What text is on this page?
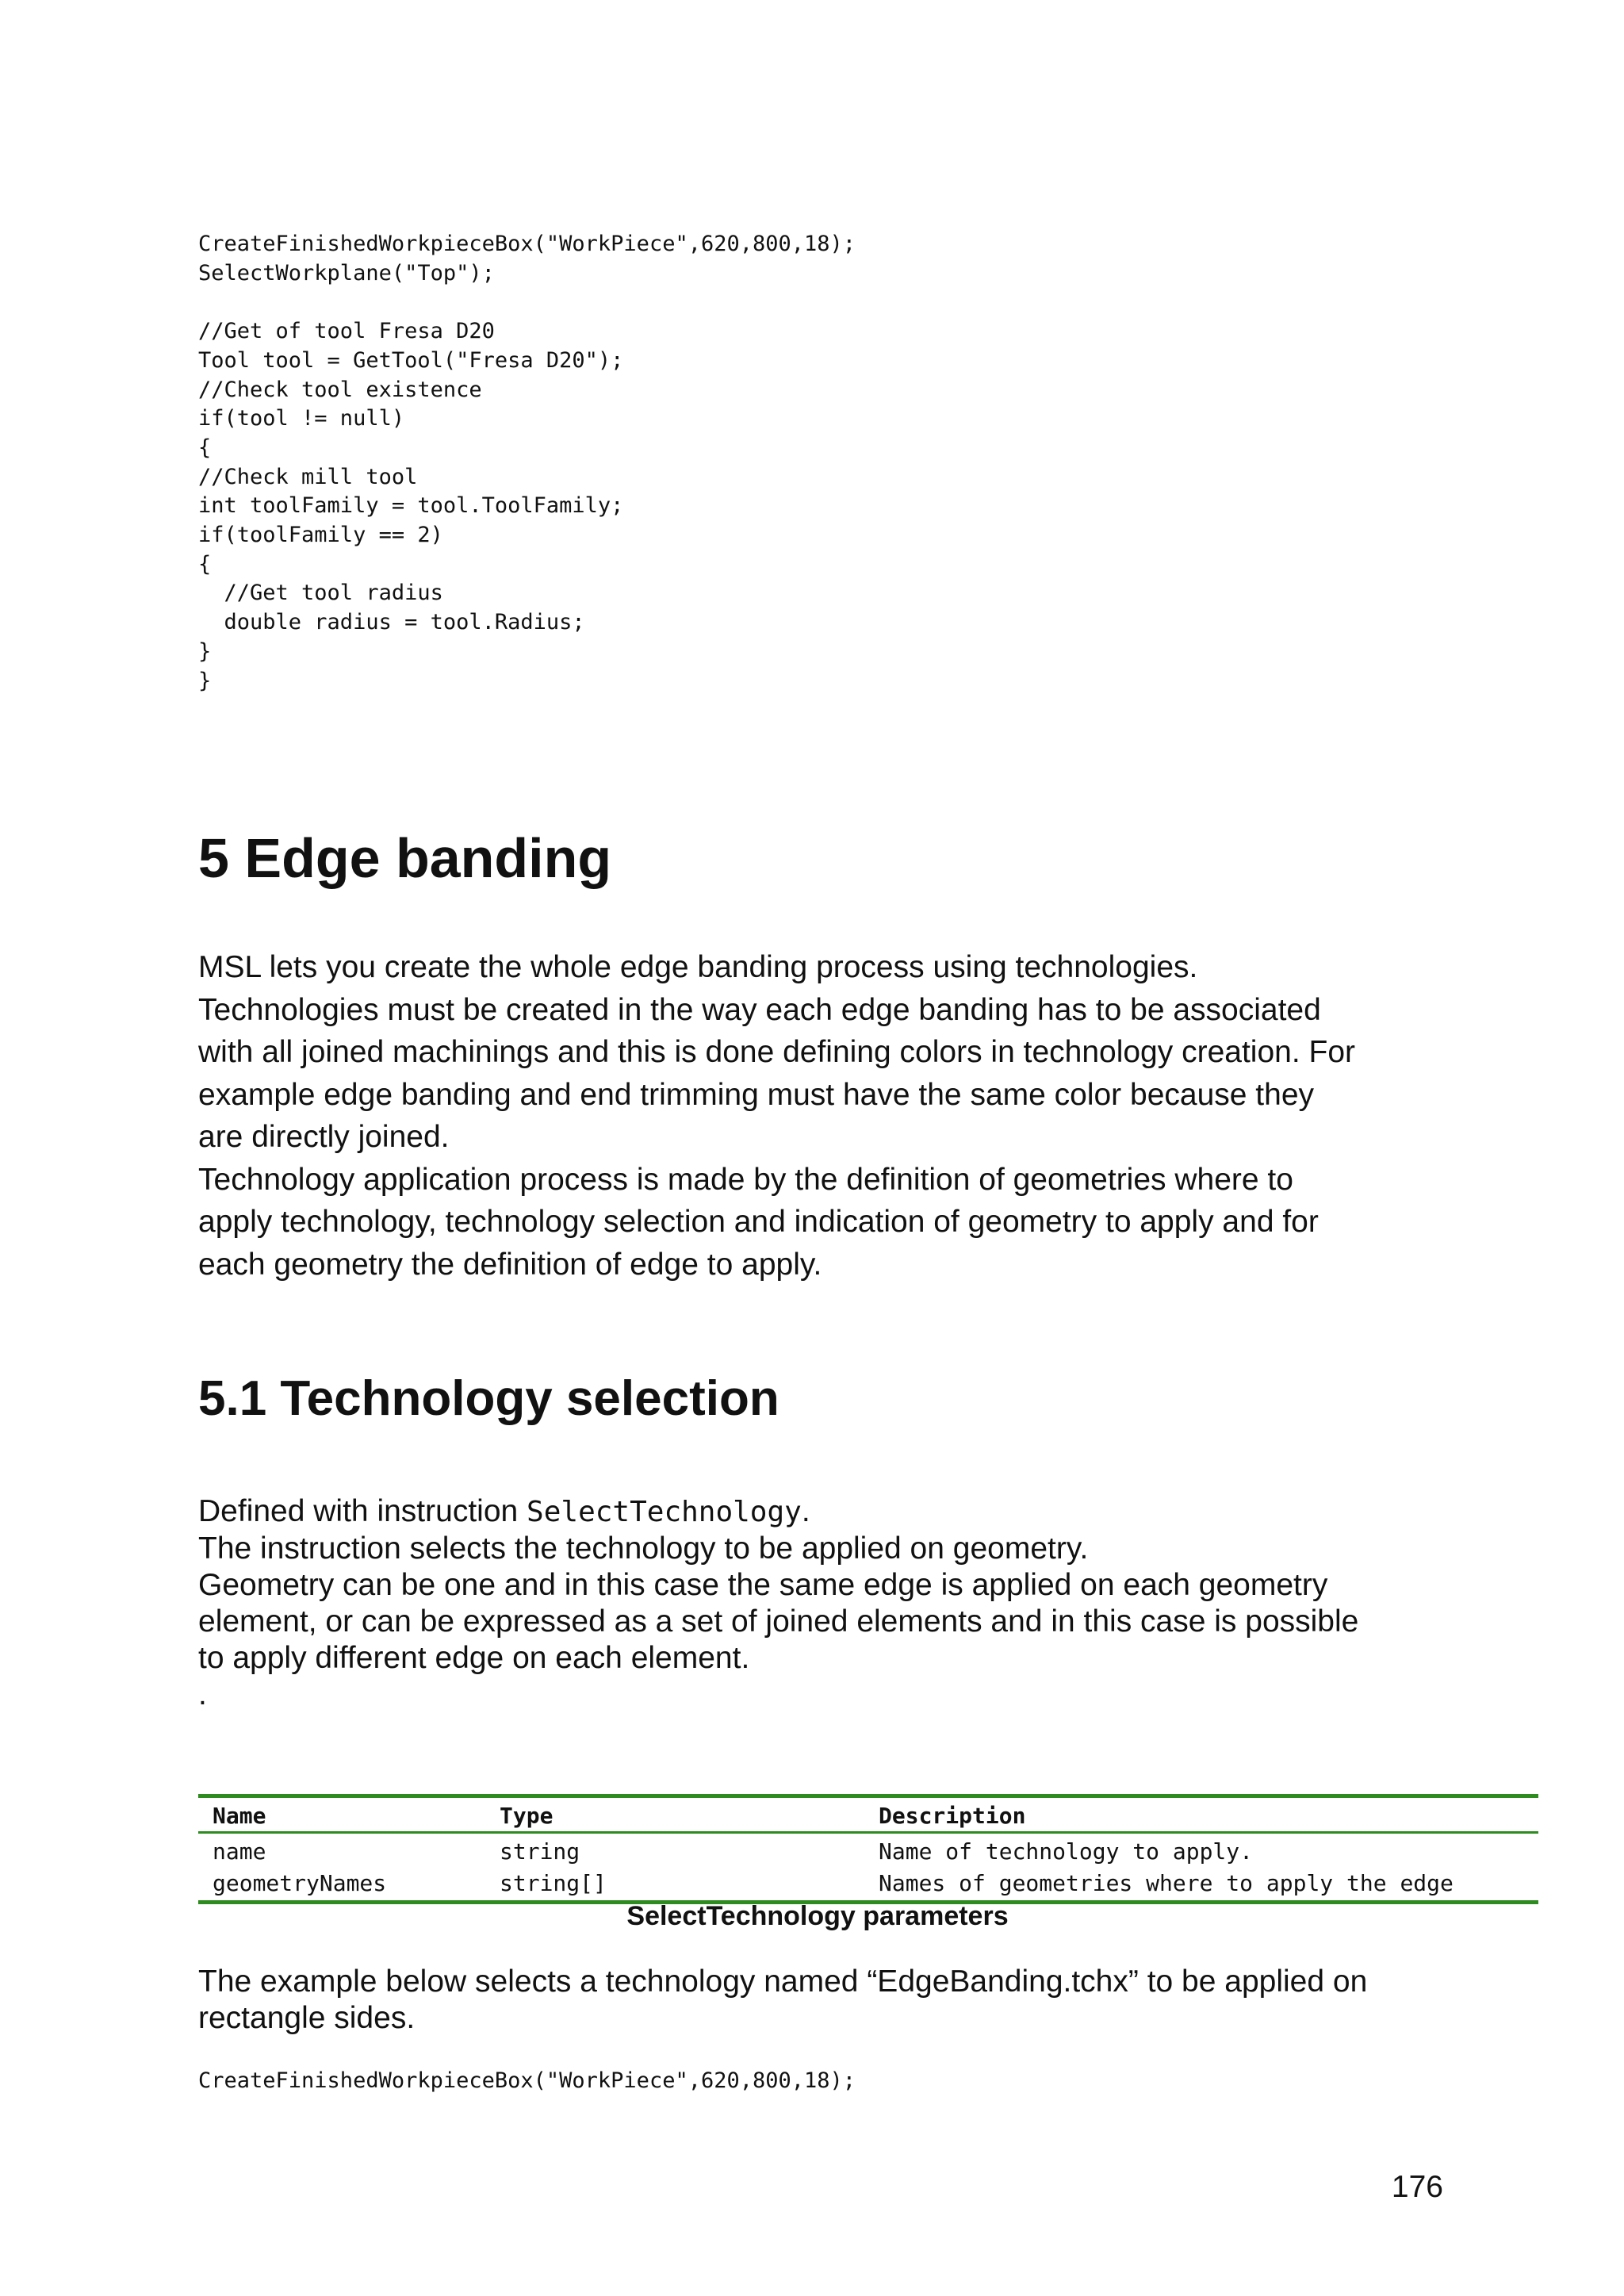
CreateFinishedWorkpieceBox("WorkPiece",620,800,18);
SelectWorkplane("Top");

//Get of tool Fresa D20
Tool tool = GetTool("Fresa D20");
//Check tool existence
if(tool != null)
{
//Check mill tool
int toolFamily = tool.ToolFamily;
if(toolFamily == 2)
{
//Get tool radius
double radius = tool.Radius;
}
}
5 Edge banding
MSL lets you create the whole edge banding process using technologies.
Technologies must be created in the way each edge banding has to be associated
with all joined machinings and this is done defining colors in technology creation. For
example edge banding and end trimming must have the same color because they
are directly joined.
Technology application process is made by the definition of geometries where to
apply technology, technology selection and indication of geometry to apply and for
each geometry the definition of edge to apply.
5.1 Technology selection
Defined with instruction SelectTechnology.
The instruction selects the technology to be applied on geometry.
Geometry can be one and in this case the same edge is applied on each geometry
element, or can be expressed as a set of joined elements and in this case is possible
to apply different edge on each element.
.
Name	Type	Description
name	string	Name of technology to apply.
geometryNames	string[]	Names of geometries where to apply the edge

SelectTechnology parameters

The example below selects a technology named “EdgeBanding.tchx” to be applied on
rectangle sides.
CreateFinishedWorkpieceBox("WorkPiece",620,800,18);

176
